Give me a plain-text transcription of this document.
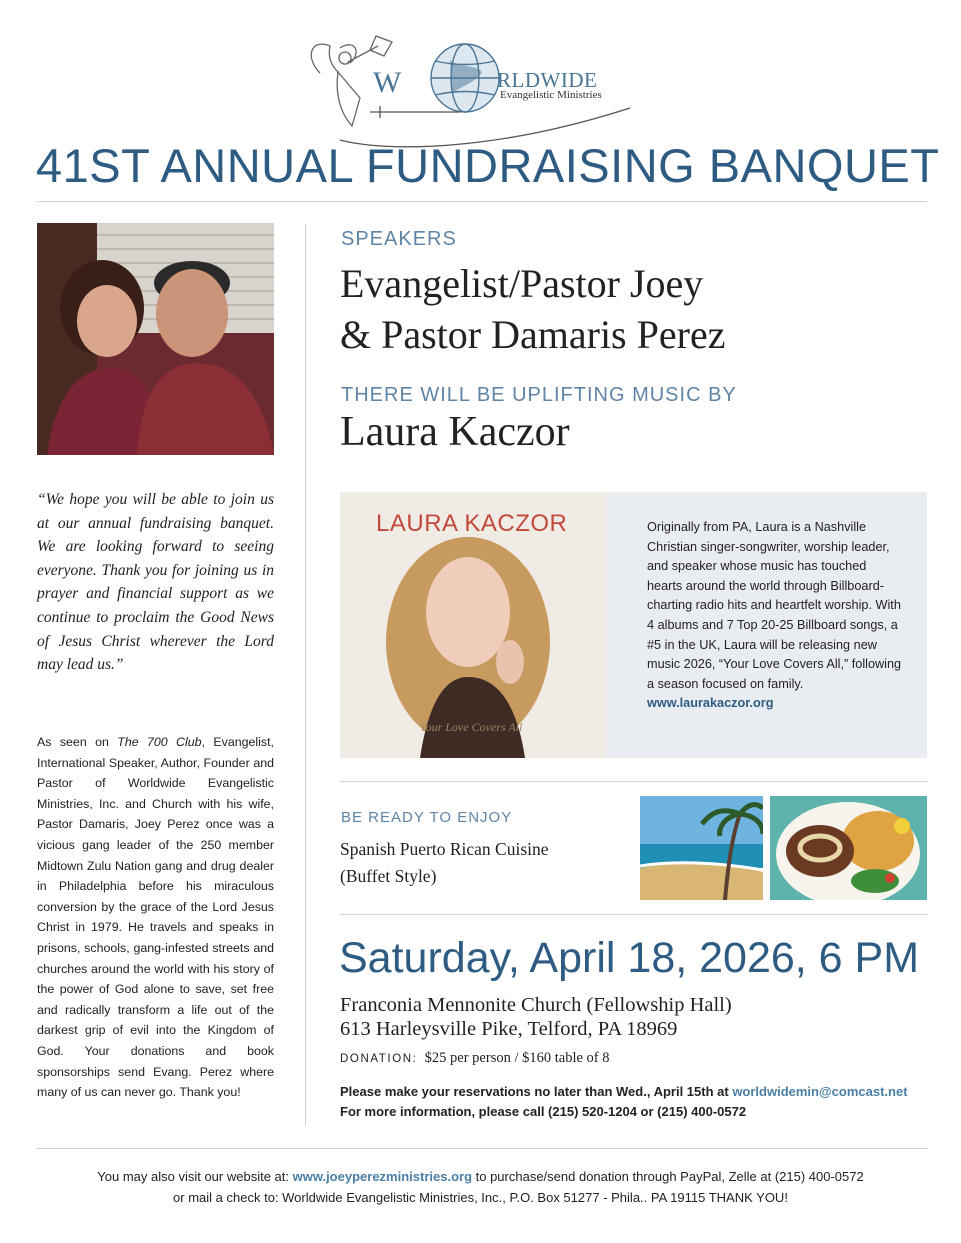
W	RLDWIDE
Evangelistic Ministries
41ST ANNUAL FUNDRAISING BANQUET

“We hope you will be able to join us at our annual fundraising banquet. We are looking forward to seeing everyone. Thank you for joining us in prayer and financial support as we continue to proclaim the Good News of Jesus Christ wherever the Lord may lead us.”

As seen on The 700 Club, Evangelist, International Speaker, Author, Founder and Pastor of Worldwide Evangelistic Ministries, Inc. and Church with his wife, Pastor Damaris, Joey Perez once was a vicious gang leader of the 250 member Midtown Zulu Nation gang and drug dealer in Philadelphia before his miraculous conversion by the grace of the Lord Jesus Christ in 1979. He travels and speaks in prisons, schools, gang-infested streets and churches around the world with his story of the power of God alone to save, set free and radically transform a life out of the darkest grip of evil into the Kingdom of God. Your donations and book sponsorships send Evang. Perez where many of us can never go. Thank you!

SPEAKERS
Evangelist/Pastor Joey
& Pastor Damaris Perez
THERE WILL BE UPLIFTING MUSIC BY
Laura Kaczor
LAURA KACZOR
Your Love Covers All
Originally from PA, Laura is a Nashville Christian singer-songwriter, worship leader, and speaker whose music has touched hearts around the world through Billboard-charting radio hits and heartfelt worship. With 4 albums and 7 Top 20-25 Billboard songs, a #5 in the UK, Laura will be releasing new music 2026, “Your Love Covers All,” following a season focused on family.
www.laurakaczor.org
BE READY TO ENJOY
Spanish Puerto Rican Cuisine
(Buffet Style)
Saturday, April 18, 2026, 6 PM
Franconia Mennonite Church (Fellowship Hall)
613 Harleysville Pike, Telford, PA 18969
DONATION: $25 per person / $160 table of 8
Please make your reservations no later than Wed., April 15th at worldwidemin@comcast.net
For more information, please call (215) 520-1204 or (215) 400-0572
You may also visit our website at: www.joeyperezministries.org to purchase/send donation through PayPal, Zelle at (215) 400-0572
or mail a check to: Worldwide Evangelistic Ministries, Inc., P.O. Box 51277 - Phila.. PA 19115 THANK YOU!
